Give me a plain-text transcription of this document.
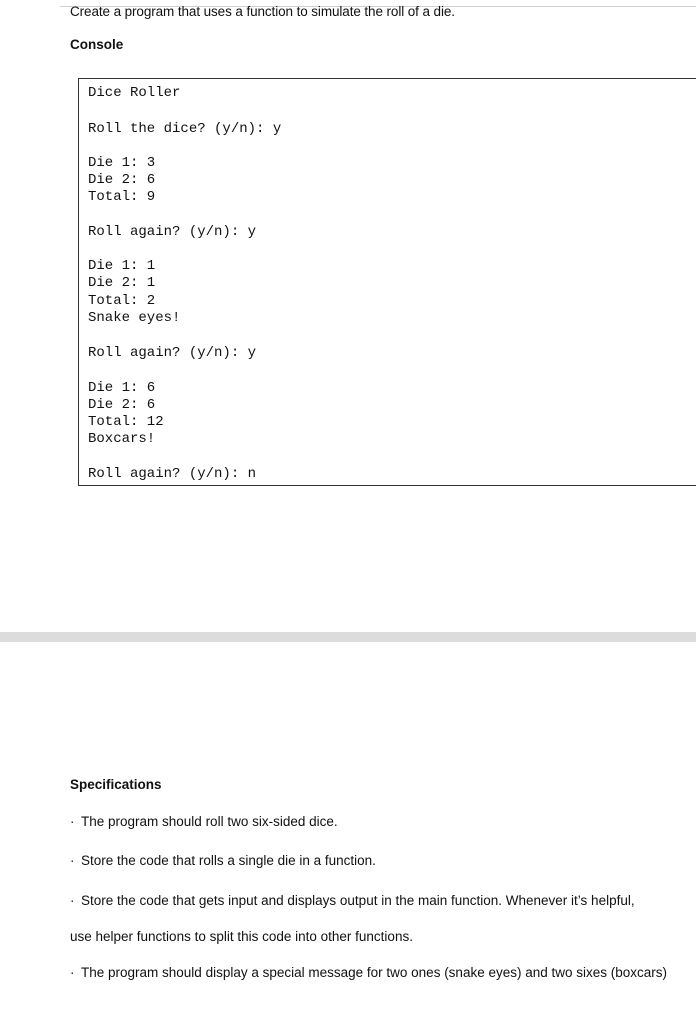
Create a program that uses a function to simulate the roll of a die.
Console
Dice Roller
Roll the dice? (y/n): y
Die 1: 3
Die 2: 6
Total: 9
Roll again? (y/n): y
Die 1: 1
Die 2: 1
Total: 2
Snake eyes!
Roll again? (y/n): y
Die 1: 6
Die 2: 6
Total: 12
Boxcars!
Roll again? (y/n): n
Specifications
· The program should roll two six-sided dice.
· Store the code that rolls a single die in a function.
· Store the code that gets input and displays output in the main function. Whenever it’s helpful,
use helper functions to split this code into other functions.
· The program should display a special message for two ones (snake eyes) and two sixes (boxcars)
